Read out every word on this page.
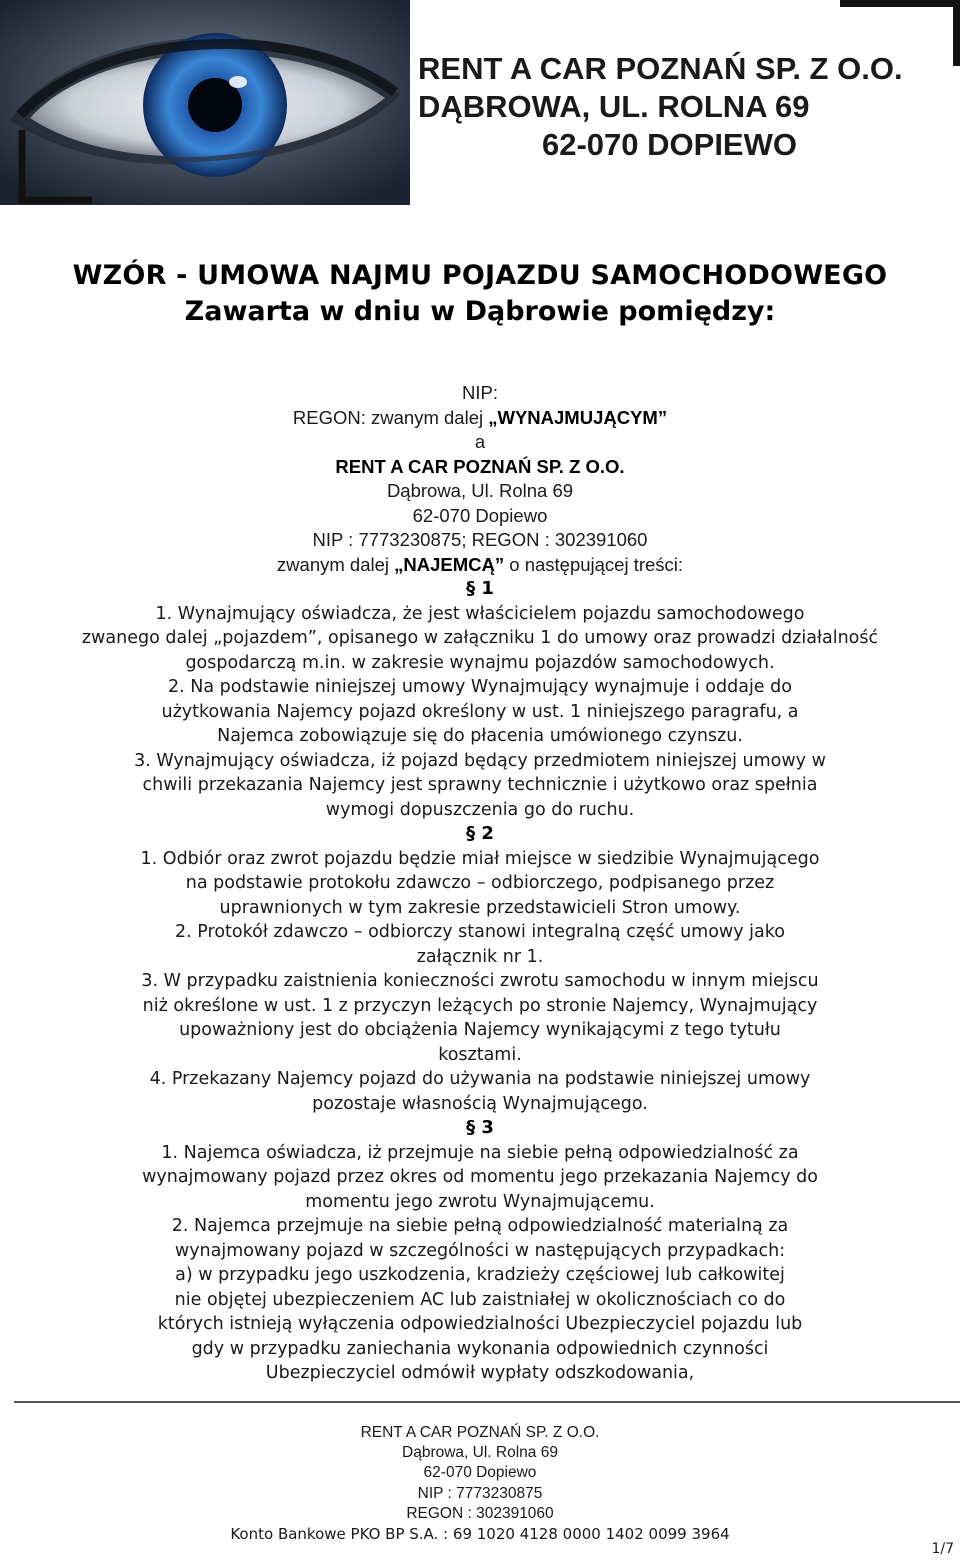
RENT A CAR POZNAŃ SP. Z O.O.
DĄBROWA, UL. ROLNA 69
62-070 DOPIEWO
WZÓR - UMOWA NAJMU POJAZDU SAMOCHODOWEGO
Zawarta w dniu w Dąbrowie pomiędzy:
NIP:
REGON: zwanym dalej „WYNAJMUJĄCYM”
a
RENT A CAR POZNAŃ SP. Z O.O.
Dąbrowa, Ul. Rolna 69
62-070 Dopiewo
NIP : 7773230875; REGON : 302391060
zwanym dalej „NAJEMCĄ” o następującej treści:
§ 1
1. Wynajmujący oświadcza, że jest właścicielem pojazdu samochodowego
zwanego dalej „pojazdem”, opisanego w załączniku 1 do umowy oraz prowadzi działalność
gospodarczą m.in. w zakresie wynajmu pojazdów samochodowych.
2. Na podstawie niniejszej umowy Wynajmujący wynajmuje i oddaje do
użytkowania Najemcy pojazd określony w ust. 1 niniejszego paragrafu, a
Najemca zobowiązuje się do płacenia umówionego czynszu.
3. Wynajmujący oświadcza, iż pojazd będący przedmiotem niniejszej umowy w
chwili przekazania Najemcy jest sprawny technicznie i użytkowo oraz spełnia
wymogi dopuszczenia go do ruchu.
§ 2
1. Odbiór oraz zwrot pojazdu będzie miał miejsce w siedzibie Wynajmującego
na podstawie protokołu zdawczo – odbiorczego, podpisanego przez
uprawnionych w tym zakresie przedstawicieli Stron umowy.
2. Protokół zdawczo – odbiorczy stanowi integralną część umowy jako
załącznik nr 1.
3. W przypadku zaistnienia konieczności zwrotu samochodu w innym miejscu
niż określone w ust. 1 z przyczyn leżących po stronie Najemcy, Wynajmujący
upoważniony jest do obciążenia Najemcy wynikającymi z tego tytułu
kosztami.
4. Przekazany Najemcy pojazd do używania na podstawie niniejszej umowy
pozostaje własnością Wynajmującego.
§ 3
1. Najemca oświadcza, iż przejmuje na siebie pełną odpowiedzialność za
wynajmowany pojazd przez okres od momentu jego przekazania Najemcy do
momentu jego zwrotu Wynajmującemu.
2. Najemca przejmuje na siebie pełną odpowiedzialność materialną za
wynajmowany pojazd w szczególności w następujących przypadkach:
a) w przypadku jego uszkodzenia, kradzieży częściowej lub całkowitej
nie objętej ubezpieczeniem AC lub zaistniałej w okolicznościach co do
których istnieją wyłączenia odpowiedzialności Ubezpieczyciel pojazdu lub
gdy w przypadku zaniechania wykonania odpowiednich czynności
Ubezpieczyciel odmówił wypłaty odszkodowania,
RENT A CAR POZNAŃ SP. Z O.O.
Dąbrowa, Ul. Rolna 69
62-070 Dopiewo
NIP : 7773230875
REGON : 302391060
Konto Bankowe PKO BP S.A. : 69 1020 4128 0000 1402 0099 3964
1/7
